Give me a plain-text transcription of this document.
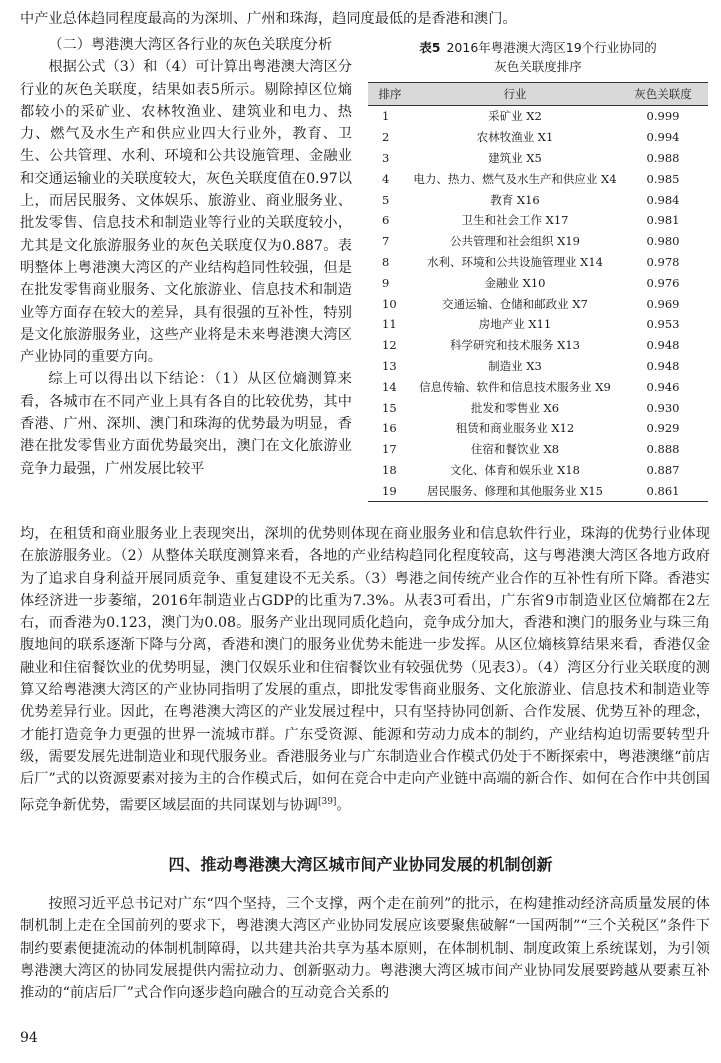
中产业总体趋同程度最高的为深圳、广州和珠海，趋同度最低的是香港和澳门。

（二）粤港澳大湾区各行业的灰色关联度分析

根据公式（3）和（4）可计算出粤港澳大湾区分行业的灰色关联度，结果如表5所示。剔除掉区位熵都较小的采矿业、农林牧渔业、建筑业和电力、热力、燃气及水生产和供应业四大行业外，教育、卫生、公共管理、水利、环境和公共设施管理、金融业和交通运输业的关联度较大，灰色关联度值在0.97以上，而居民服务、文体娱乐、旅游业、商业服务业、批发零售、信息技术和制造业等行业的关联度较小，尤其是文化旅游服务业的灰色关联度仅为0.887。表明整体上粤港澳大湾区的产业结构趋同性较强，但是在批发零售商业服务、文化旅游业、信息技术和制造业等方面存在较大的差异，具有很强的互补性，特别是文化旅游服务业，这些产业将是未来粤港澳大湾区产业协同的重要方向。

综上可以得出以下结论：（1）从区位熵测算来看，各城市在不同产业上具有各自的比较优势，其中香港、广州、深圳、澳门和珠海的优势最为明显，香港在批发零售业方面优势最突出，澳门在文化旅游业竞争力最强，广州发展比较平

表5 2016年粤港澳大湾区19个行业协同的
灰色关联度排序
排序	行业	灰色关联度
1	采矿业 X2	0.999
2	农林牧渔业 X1	0.994
3	建筑业 X5	0.988
4	电力、热力、燃气及水生产和供应业 X4	0.985
5	教育 X16	0.984
6	卫生和社会工作 X17	0.981
7	公共管理和社会组织 X19	0.980
8	水利、环境和公共设施管理业 X14	0.978
9	金融业 X10	0.976
10	交通运输、仓储和邮政业 X7	0.969
11	房地产业 X11	0.953
12	科学研究和技术服务 X13	0.948
13	制造业 X3	0.948
14	信息传输、软件和信息技术服务业 X9	0.946
15	批发和零售业 X6	0.930
16	租赁和商业服务业 X12	0.929
17	住宿和餐饮业 X8	0.888
18	文化、体育和娱乐业 X18	0.887
19	居民服务、修理和其他服务业 X15	0.861

均，在租赁和商业服务业上表现突出，深圳的优势则体现在商业服务业和信息软件行业，珠海的优势行业体现在旅游服务业。（2）从整体关联度测算来看，各地的产业结构趋同化程度较高，这与粤港澳大湾区各地方政府为了追求自身利益开展同质竞争、重复建设不无关系。（3）粤港之间传统产业合作的互补性有所下降。香港实体经济进一步萎缩，2016年制造业占GDP的比重为7.3%。从表3可看出，广东省9市制造业区位熵都在2左右，而香港为0.123，澳门为0.08。服务产业出现同质化趋向，竞争成分加大，香港和澳门的服务业与珠三角腹地间的联系逐渐下降与分离，香港和澳门的服务业优势未能进一步发挥。从区位熵核算结果来看，香港仅金融业和住宿餐饮业的优势明显，澳门仅娱乐业和住宿餐饮业有较强优势（见表3）。（4）湾区分行业关联度的测算又给粤港澳大湾区的产业协同指明了发展的重点，即批发零售商业服务、文化旅游业、信息技术和制造业等优势差异行业。因此，在粤港澳大湾区的产业发展过程中，只有坚持协同创新、合作发展、优势互补的理念，才能打造竞争力更强的世界一流城市群。广东受资源、能源和劳动力成本的制约，产业结构迫切需要转型升级，需要发展先进制造业和现代服务业。香港服务业与广东制造业合作模式仍处于不断探索中，粤港澳继“前店后厂”式的以资源要素对接为主的合作模式后，如何在竞合中走向产业链中高端的新合作、如何在合作中共创国际竞争新优势，需要区域层面的共同谋划与协调[39]。

四、推动粤港澳大湾区城市间产业协同发展的机制创新

按照习近平总书记对广东“四个坚持，三个支撑，两个走在前列”的批示，在构建推动经济高质量发展的体制机制上走在全国前列的要求下，粤港澳大湾区产业协同发展应该要聚焦破解“一国两制”“三个关税区”条件下制约要素便捷流动的体制机制障碍，以共建共治共享为基本原则，在体制机制、制度政策上系统谋划，为引领粤港澳大湾区的协同发展提供内需拉动力、创新驱动力。粤港澳大湾区城市间产业协同发展要跨越从要素互补推动的“前店后厂”式合作向逐步趋向融合的互动竞合关系的

94
